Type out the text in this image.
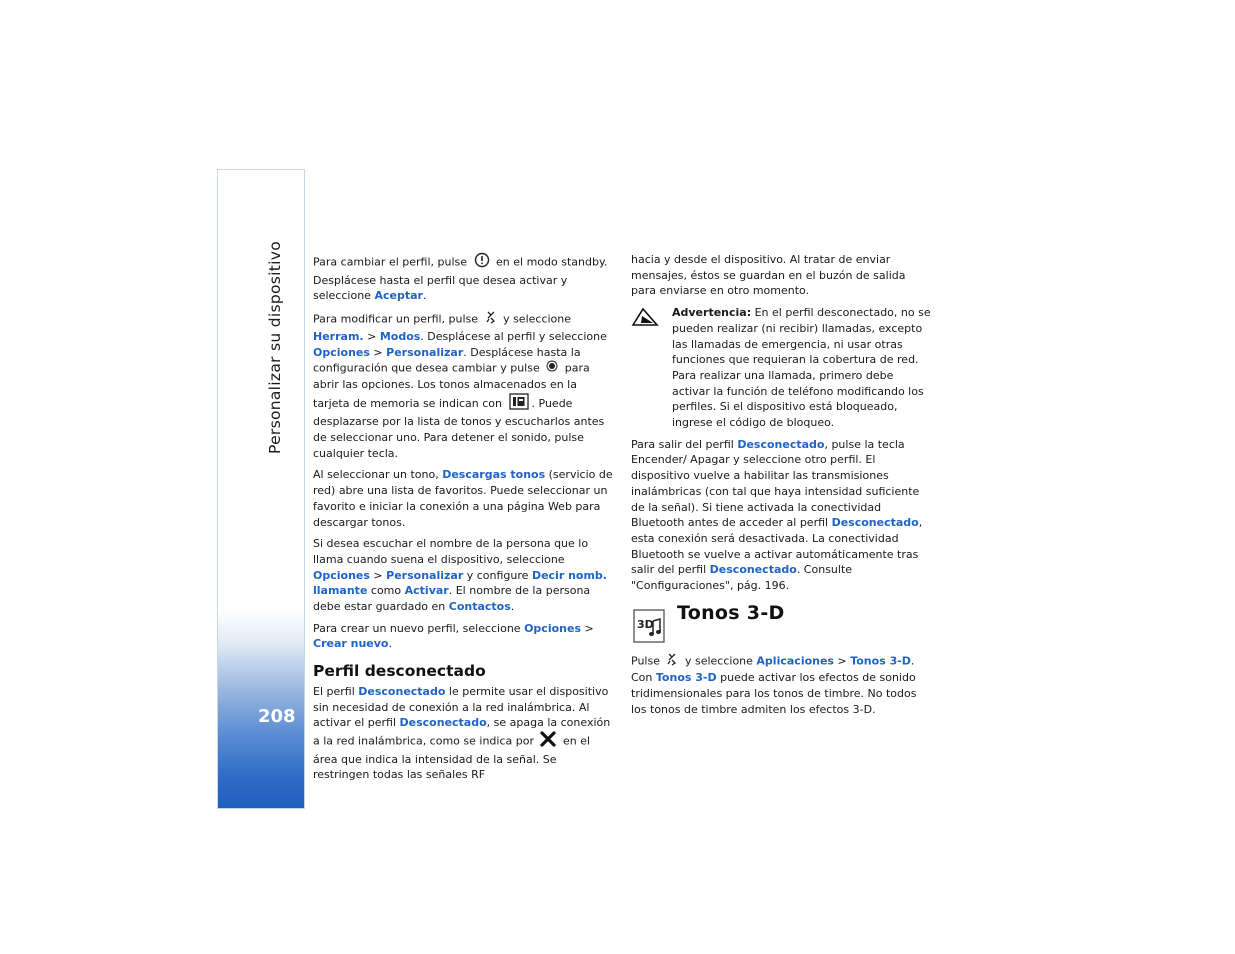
Personalizar su dispositivo
208

Para cambiar el perfil, pulse	en el modo standby. Desplácese hasta el perfil que desea activar y seleccione Aceptar.

Para modificar un perfil, pulse y seleccione Herram. > Modos. Desplácese al perfil y seleccione Opciones > Personalizar. Desplácese hasta la configuración que desea cambiar y pulse para abrir las opciones. Los tonos almacenados en la tarjeta de memoria se indican con	. Puede desplazarse por la lista de tonos y escucharlos antes de seleccionar uno. Para detener el sonido, pulse cualquier tecla.

Al seleccionar un tono, Descargas tonos (servicio de red) abre una lista de favoritos. Puede seleccionar un favorito e iniciar la conexión a una página Web para descargar tonos.

Si desea escuchar el nombre de la persona que lo llama cuando suena el dispositivo, seleccione Opciones > Personalizar y configure Decir nomb. llamante como Activar. El nombre de la persona debe estar guardado en Contactos.

Para crear un nuevo perfil, seleccione Opciones > Crear nuevo.

Perfil desconectado

El perfil Desconectado le permite usar el dispositivo sin necesidad de conexión a la red inalámbrica. Al activar el perfil Desconectado, se apaga la conexión a la red inalámbrica, como se indica por	en el área que indica la intensidad de la señal. Se restringen todas las señales RF

hacia y desde el dispositivo. Al tratar de enviar mensajes, éstos se guardan en el buzón de salida para enviarse en otro momento.

Advertencia: En el perfil desconectado, no se pueden realizar (ni recibir) llamadas, excepto las llamadas de emergencia, ni usar otras funciones que requieran la cobertura de red. Para realizar una llamada, primero debe activar la función de teléfono modificando los perfiles. Si el dispositivo está bloqueado, ingrese el código de bloqueo.

Para salir del perfil Desconectado, pulse la tecla Encender/ Apagar y seleccione otro perfil. El dispositivo vuelve a habilitar las transmisiones inalámbricas (con tal que haya intensidad suficiente de la señal). Si tiene activada la conectividad Bluetooth antes de acceder al perfil Desconectado, esta conexión será desactivada. La conectividad Bluetooth se vuelve a activar automáticamente tras salir del perfil Desconectado. Consulte "Configuraciones", pág. 196.

3D
Tonos 3-D

Pulse y seleccione Aplicaciones > Tonos 3-D.
Con Tonos 3-D puede activar los efectos de sonido tridimensionales para los tonos de timbre. No todos los tonos de timbre admiten los efectos 3-D.
